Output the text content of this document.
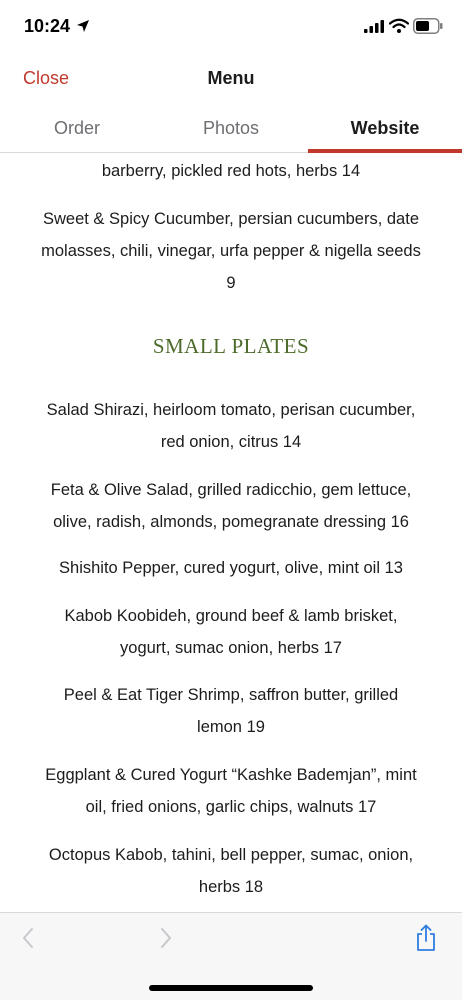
10:24
Close	Menu
Order	Photos	Website
barberry, pickled red hots, herbs 14
Sweet & Spicy Cucumber, persian cucumbers, date
molasses, chili, vinegar, urfa pepper & nigella seeds
9
SMALL PLATES
Salad Shirazi, heirloom tomato, perisan cucumber,
red onion, citrus 14
Feta & Olive Salad, grilled radicchio, gem lettuce,
olive, radish, almonds, pomegranate dressing 16
Shishito Pepper, cured yogurt, olive, mint oil 13
Kabob Koobideh, ground beef & lamb brisket,
yogurt, sumac onion, herbs 17
Peel & Eat Tiger Shrimp, saffron butter, grilled
lemon 19
Eggplant & Cured Yogurt “Kashke Bademjan”, mint
oil, fried onions, garlic chips, walnuts 17
Octopus Kabob, tahini, bell pepper, sumac, onion,
herbs 18
